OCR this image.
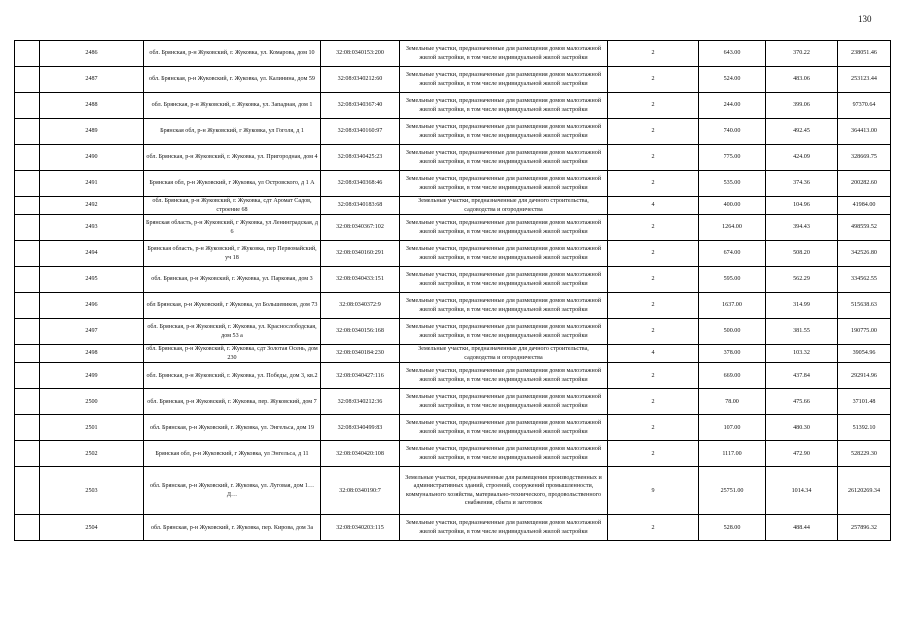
130
	2486	обл. Брянская, р-н Жуковский, г. Жуковка, ул. Комарова, дом 10	32:08:0340153:200	Земельные участки, предназначенные для размещения домов малоэтажной жилой застройки, в том числе индивидуальной жилой застройки	2	643.00	370.22	238051.46
	2487	обл. Брянская, р-н Жуковский, г. Жуковка, ул. Калинина, дом 59	32:08:0340212:60	Земельные участки, предназначенные для размещения домов малоэтажной жилой застройки, в том числе индивидуальной жилой застройки	2	524.00	483.06	253123.44
	2488	обл. Брянская, р-н Жуковский, г. Жуковка, ул. Западная, дом 1	32:08:0340367:40	Земельные участки, предназначенные для размещения домов малоэтажной жилой застройки, в том числе индивидуальной жилой застройки	2	244.00	399.06	97370.64
	2489	Брянская обл, р-н Жуковский, г Жуковка, ул Гоголя, д 1	32:08:0340160:97	Земельные участки, предназначенные для размещения домов малоэтажной жилой застройки, в том числе индивидуальной жилой застройки	2	740.00	492.45	364413.00
	2490	обл. Брянская, р-н Жуковский, г. Жуковка, ул. Пригородная, дом 4	32:08:0340425:23	Земельные участки, предназначенные для размещения домов малоэтажной жилой застройки, в том числе индивидуальной жилой застройки	2	775.00	424.09	328669.75
	2491	Брянская обл, р-н Жуковский, г Жуковка, ул Островского, д 1 А	32:08:0340368:46	Земельные участки, предназначенные для размещения домов малоэтажной жилой застройки, в том числе индивидуальной жилой застройки	2	535.00	374.36	200282.60
	2492	обл. Брянская, р-н Жуковский, г. Жуковка, сдт Аромат Садов, строение 68	32:08:0340183:68	Земельные участки, предназначенные для дачного строительства, садоводства и огородничества	4	400.00	104.96	41984.00
	2493	Брянская область, р-н Жуковский, г Жуковка, ул Ленинградская, д 6	32:08:0340367:102	Земельные участки, предназначенные для размещения домов малоэтажной жилой застройки, в том числе индивидуальной жилой застройки	2	1264.00	394.43	498559.52
	2494	Брянская область, р-н Жуковский, г Жуковка, пер Первомайский, уч 18	32:08:0340160:291	Земельные участки, предназначенные для размещения домов малоэтажной жилой застройки, в том числе индивидуальной жилой застройки	2	674.00	508.20	342526.80
	2495	обл. Брянская, р-н Жуковский, г. Жуковка, ул. Парковая, дом 3	32:08:0340433:151	Земельные участки, предназначенные для размещения домов малоэтажной жилой застройки, в том числе индивидуальной жилой застройки	2	595.00	562.29	334562.55
	2496	обл Брянская, р-н Жуковский, г Жуковка, ул Большевиков, дом 73	32:08:0340372:9	Земельные участки, предназначенные для размещения домов малоэтажной жилой застройки, в том числе индивидуальной жилой застройки	2	1637.00	314.99	515638.63
	2497	обл. Брянская, р-н Жуковский, г. Жуковка, ул. Краснослободская, дом 53 а	32:08:0340156:168	Земельные участки, предназначенные для размещения домов малоэтажной жилой застройки, в том числе индивидуальной жилой застройки	2	500.00	381.55	190775.00
	2498	обл. Брянская, р-н Жуковский, г. Жуковка, сдт Золотая Осень, дом 230	32:08:0340184:230	Земельные участки, предназначенные для дачного строительства, садоводства и огородничества	4	378.00	103.32	39054.96
	2499	обл. Брянская, р-н Жуковский, г. Жуковка, ул. Победы, дом 3, кв.2	32:08:0340427:116	Земельные участки, предназначенные для размещения домов малоэтажной жилой застройки, в том числе индивидуальной жилой застройки	2	669.00	437.84	292914.96
	2500	обл. Брянская, р-н Жуковский, г. Жуковка, пер. Жуковский, дом 7	32:08:0340212:36	Земельные участки, предназначенные для размещения домов малоэтажной жилой застройки, в том числе индивидуальной жилой застройки	2	78.00	475.66	37101.48
	2501	обл. Брянская, р-н Жуковский, г. Жуковка, ул. Энгельса, дом 19	32:08:0340499:83	Земельные участки, предназначенные для размещения домов малоэтажной жилой застройки, в том числе индивидуальной жилой застройки	2	107.00	480.30	51392.10
	2502	Брянская обл, р-н Жуковский, г Жуковка, ул Энгельса, д 11	32:08:0340420:108	Земельные участки, предназначенные для размещения домов малоэтажной жилой застройки, в том числе индивидуальной жилой застройки	2	1117.00	472.90	528229.30
	2503	обл. Брянская, р-н Жуковский, г. Жуковка, ул. Луговая, дом 1…Д…	32:08:0340190:7	Земельные участки, предназначенные для размещения производственных и административных зданий, строений, сооружений промышленности, коммунального хозяйства, материально-технического, продовольственного снабжения, сбыта и заготовок	9	25751.00	1014.34	26120269.34
	2504	обл. Брянская, р-н Жуковский, г. Жуковка, пер. Кирова, дом 3а	32:08:0340203:115	Земельные участки, предназначенные для размещения домов малоэтажной жилой застройки, в том числе индивидуальной жилой застройки	2	528.00	488.44	257896.32
